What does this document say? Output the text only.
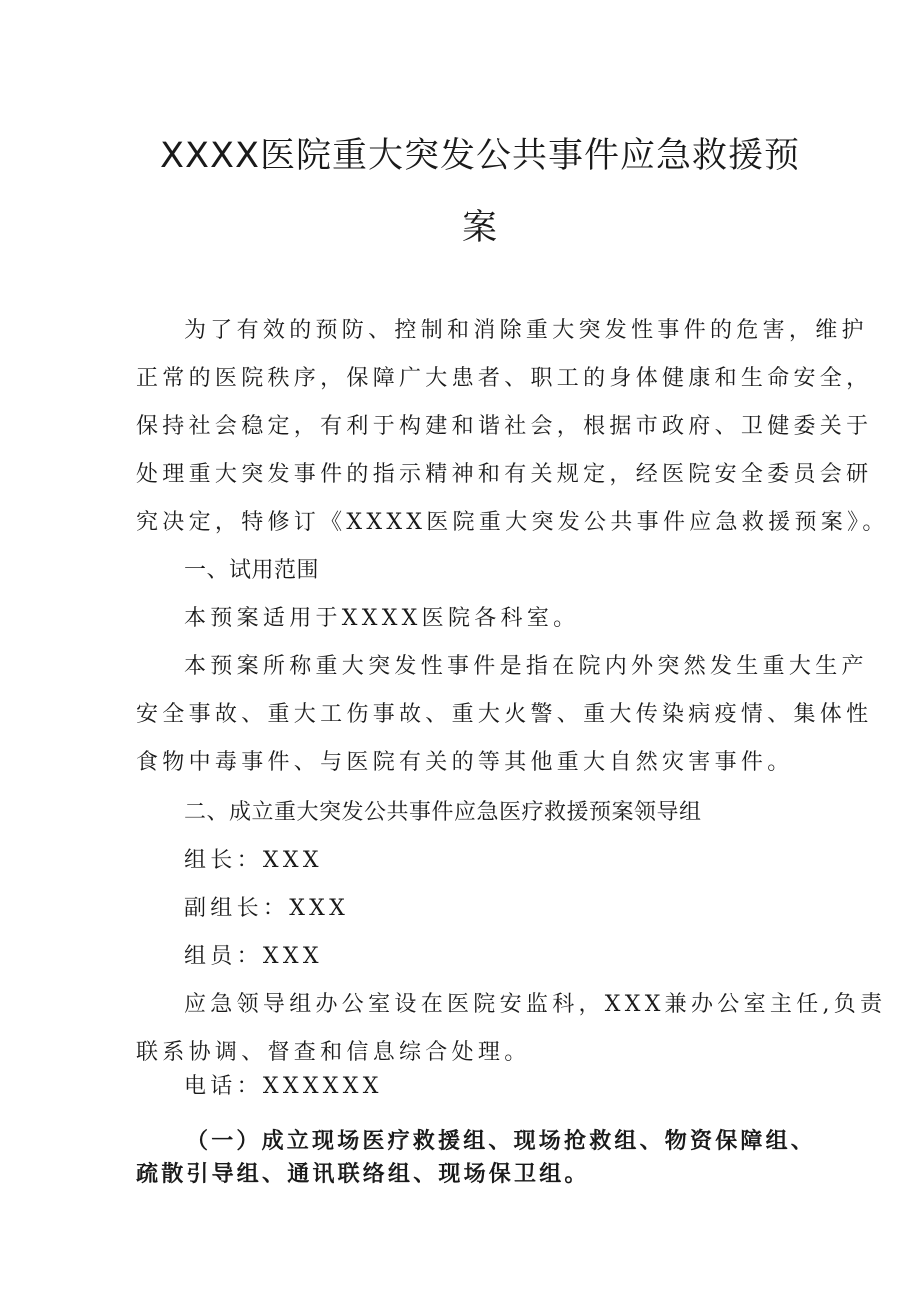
XXXX医院重大突发公共事件应急救援预
案

为了有效的预防、控制和消除重大突发性事件的危害，维护

正常的医院秩序，保障广大患者、职工的身体健康和生命安全，

保持社会稳定，有利于构建和谐社会，根据市政府、卫健委关于

处理重大突发事件的指示精神和有关规定，经医院安全委员会研

究决定，特修订《XXXX医院重大突发公共事件应急救援预案》。

一、试用范围

本预案适用于XXXX医院各科室。

本预案所称重大突发性事件是指在院内外突然发生重大生产

安全事故、重大工伤事故、重大火警、重大传染病疫情、集体性

食物中毒事件、与医院有关的等其他重大自然灾害事件。

二、成立重大突发公共事件应急医疗救援预案领导组

组长：XXX

副组长：XXX

组员：XXX

应急领导组办公室设在医院安监科，XXX兼办公室主任,负责

联系协调、督查和信息综合处理。

电话：XXXXXX

（一）成立现场医疗救援组、现场抢救组、物资保障组、

疏散引导组、通讯联络组、现场保卫组。
